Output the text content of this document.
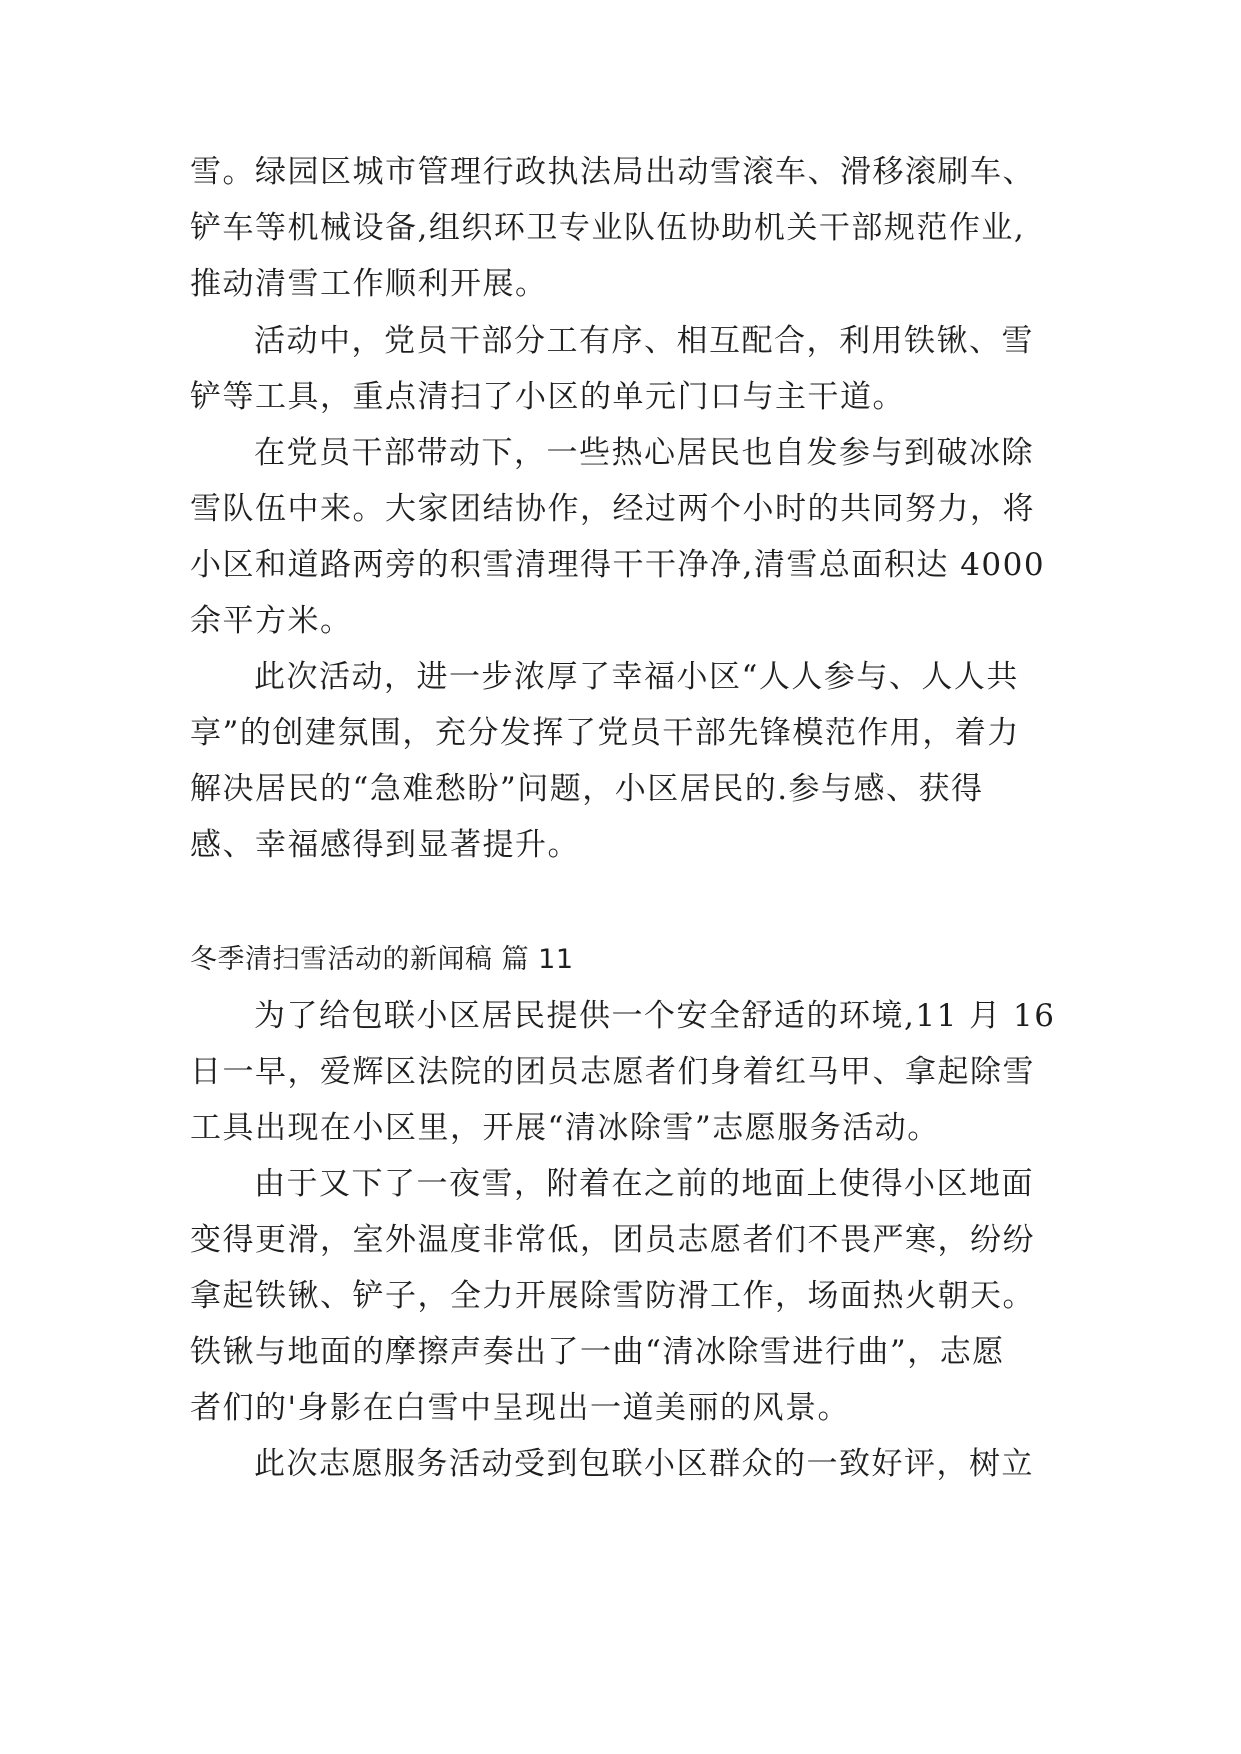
雪。绿园区城市管理行政执法局出动雪滚车、滑移滚刷车、
铲车等机械设备,组织环卫专业队伍协助机关干部规范作业,
推动清雪工作顺利开展。
活动中，党员干部分工有序、相互配合，利用铁锹、雪
铲等工具，重点清扫了小区的单元门口与主干道。
在党员干部带动下，一些热心居民也自发参与到破冰除
雪队伍中来。大家团结协作，经过两个小时的共同努力，将
小区和道路两旁的积雪清理得干干净净,清雪总面积达 4000
余平方米。
此次活动，进一步浓厚了幸福小区“人人参与、人人共
享”的创建氛围，充分发挥了党员干部先锋模范作用，着力
解决居民的“急难愁盼”问题，小区居民的.参与感、获得
感、幸福感得到显著提升。
冬季清扫雪活动的新闻稿 篇 11
为了给包联小区居民提供一个安全舒适的环境,11 月 16
日一早，爱辉区法院的团员志愿者们身着红马甲、拿起除雪
工具出现在小区里，开展“清冰除雪”志愿服务活动。
由于又下了一夜雪，附着在之前的地面上使得小区地面
变得更滑，室外温度非常低，团员志愿者们不畏严寒，纷纷
拿起铁锹、铲子，全力开展除雪防滑工作，场面热火朝天。
铁锹与地面的摩擦声奏出了一曲“清冰除雪进行曲”，志愿
者们的'身影在白雪中呈现出一道美丽的风景。
此次志愿服务活动受到包联小区群众的一致好评，树立
